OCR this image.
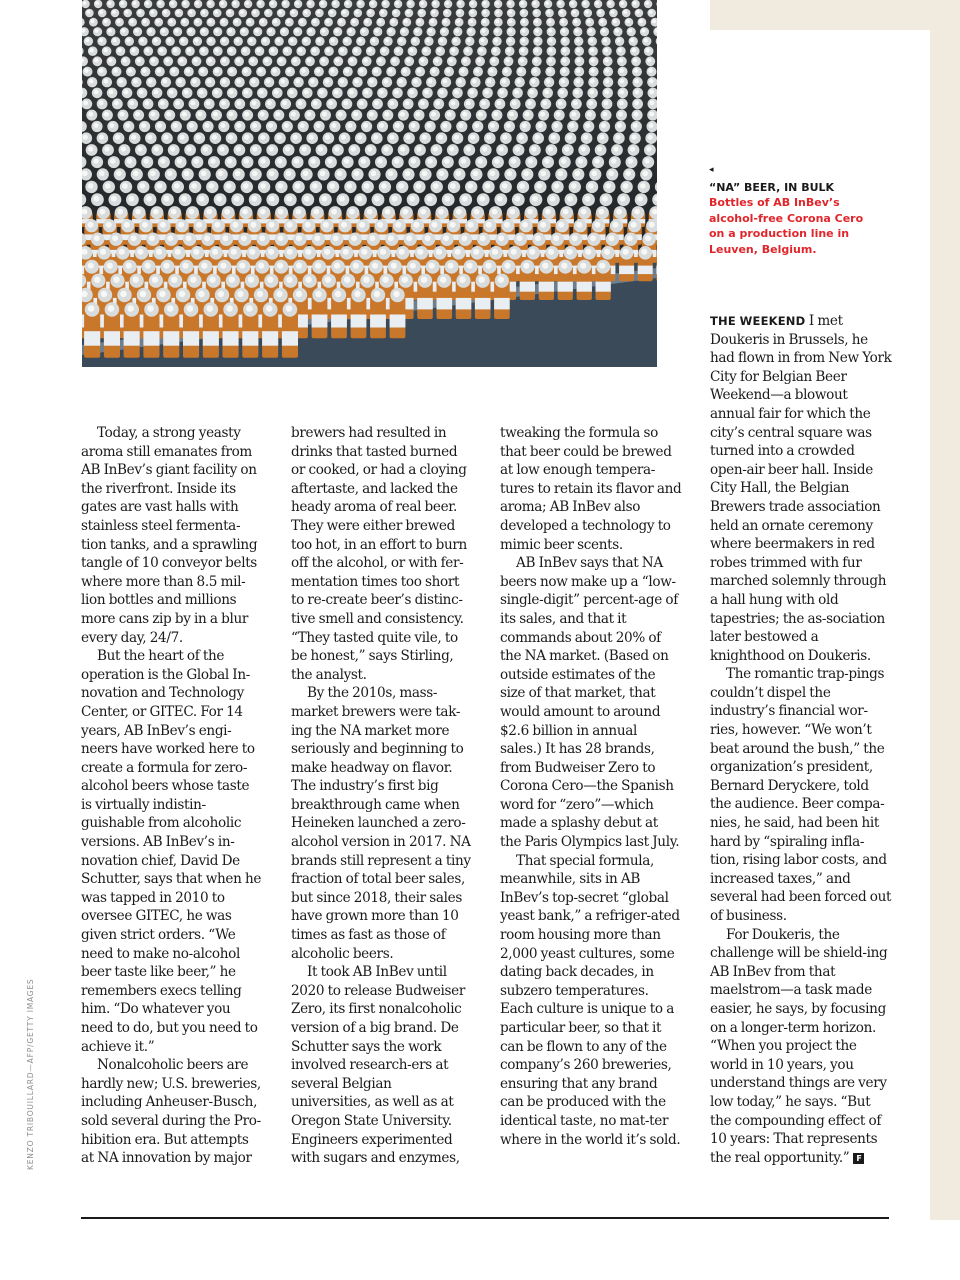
KENZO TRIBOUILLARD—AFP/GETTY IMAGES
◂
“NA” BEER, IN BULK
Bottles of AB InBev’s alcohol-free Corona Cero on a production line in Leuven, Belgium.

Today, a strong yeasty aroma still emanates from AB InBev’s giant facility on the riverfront. Inside its gates are vast halls with stainless steel fermenta-tion tanks, and a sprawling tangle of 10 conveyor belts where more than 8.5 mil-lion bottles and millions more cans zip by in a blur every day, 24/7.

But the heart of the operation is the Global In-novation and Technology Center, or GITEC. For 14 years, AB InBev’s engi-neers have worked here to create a formula for zero-alcohol beers whose taste is virtually indistin-guishable from alcoholic versions. AB InBev’s in-novation chief, David De Schutter, says that when he was tapped in 2010 to oversee GITEC, he was given strict orders. “We need to make no-alcohol beer taste like beer,” he remembers execs telling him. “Do whatever you need to do, but you need to achieve it.”

Nonalcoholic beers are hardly new; U.S. breweries, including Anheuser-Busch, sold several during the Pro-hibition era. But attempts at NA innovation by major

brewers had resulted in drinks that tasted burned or cooked, or had a cloying aftertaste, and lacked the heady aroma of real beer. They were either brewed too hot, in an effort to burn off the alcohol, or with fer-mentation times too short to re-create beer’s distinc-tive smell and consistency. “They tasted quite vile, to be honest,” says Stirling, the analyst.

By the 2010s, mass-market brewers were tak-ing the NA market more seriously and beginning to make headway on flavor. The industry’s first big breakthrough came when Heineken launched a zero-alcohol version in 2017. NA brands still represent a tiny fraction of total beer sales, but since 2018, their sales have grown more than 10 times as fast as those of alcoholic beers.

It took AB InBev until 2020 to release Budweiser Zero, its first nonalcoholic version of a big brand. De Schutter says the work involved research-ers at several Belgian universities, as well as at Oregon State University. Engineers experimented with sugars and enzymes,

tweaking the formula so that beer could be brewed at low enough tempera-tures to retain its flavor and aroma; AB InBev also developed a technology to mimic beer scents.

AB InBev says that NA beers now make up a “low-single-digit” percent-age of its sales, and that it commands about 20% of the NA market. (Based on outside estimates of the size of that market, that would amount to around $2.6 billion in annual sales.) It has 28 brands, from Budweiser Zero to Corona Cero—the Spanish word for “zero”—which made a splashy debut at the Paris Olympics last July.

That special formula, meanwhile, sits in AB InBev’s top-secret “global yeast bank,” a refriger-ated room housing more than 2,000 yeast cultures, some dating back decades, in subzero temperatures. Each culture is unique to a particular beer, so that it can be flown to any of the company’s 260 breweries, ensuring that any brand can be produced with the identical taste, no mat-ter where in the world it’s sold.

THE WEEKEND I met Doukeris in Brussels, he had flown in from New York City for Belgian Beer Weekend—a blowout annual fair for which the city’s central square was turned into a crowded open-air beer hall. Inside City Hall, the Belgian Brewers trade association held an ornate ceremony where beermakers in red robes trimmed with fur marched solemnly through a hall hung with old tapestries; the as-sociation later bestowed a knighthood on Doukeris.

The romantic trap-pings couldn’t dispel the industry’s financial wor-ries, however. “We won’t beat around the bush,” the organization’s president, Bernard Deryckere, told the audience. Beer compa-nies, he said, had been hit hard by “spiraling infla-tion, rising labor costs, and increased taxes,” and several had been forced out of business.

For Doukeris, the challenge will be shield-ing AB InBev from that maelstrom—a task made easier, he says, by focusing on a longer-term horizon. “When you project the world in 10 years, you understand things are very low today,” he says. “But the compounding effect of 10 years: That represents the real opportunity.” F
